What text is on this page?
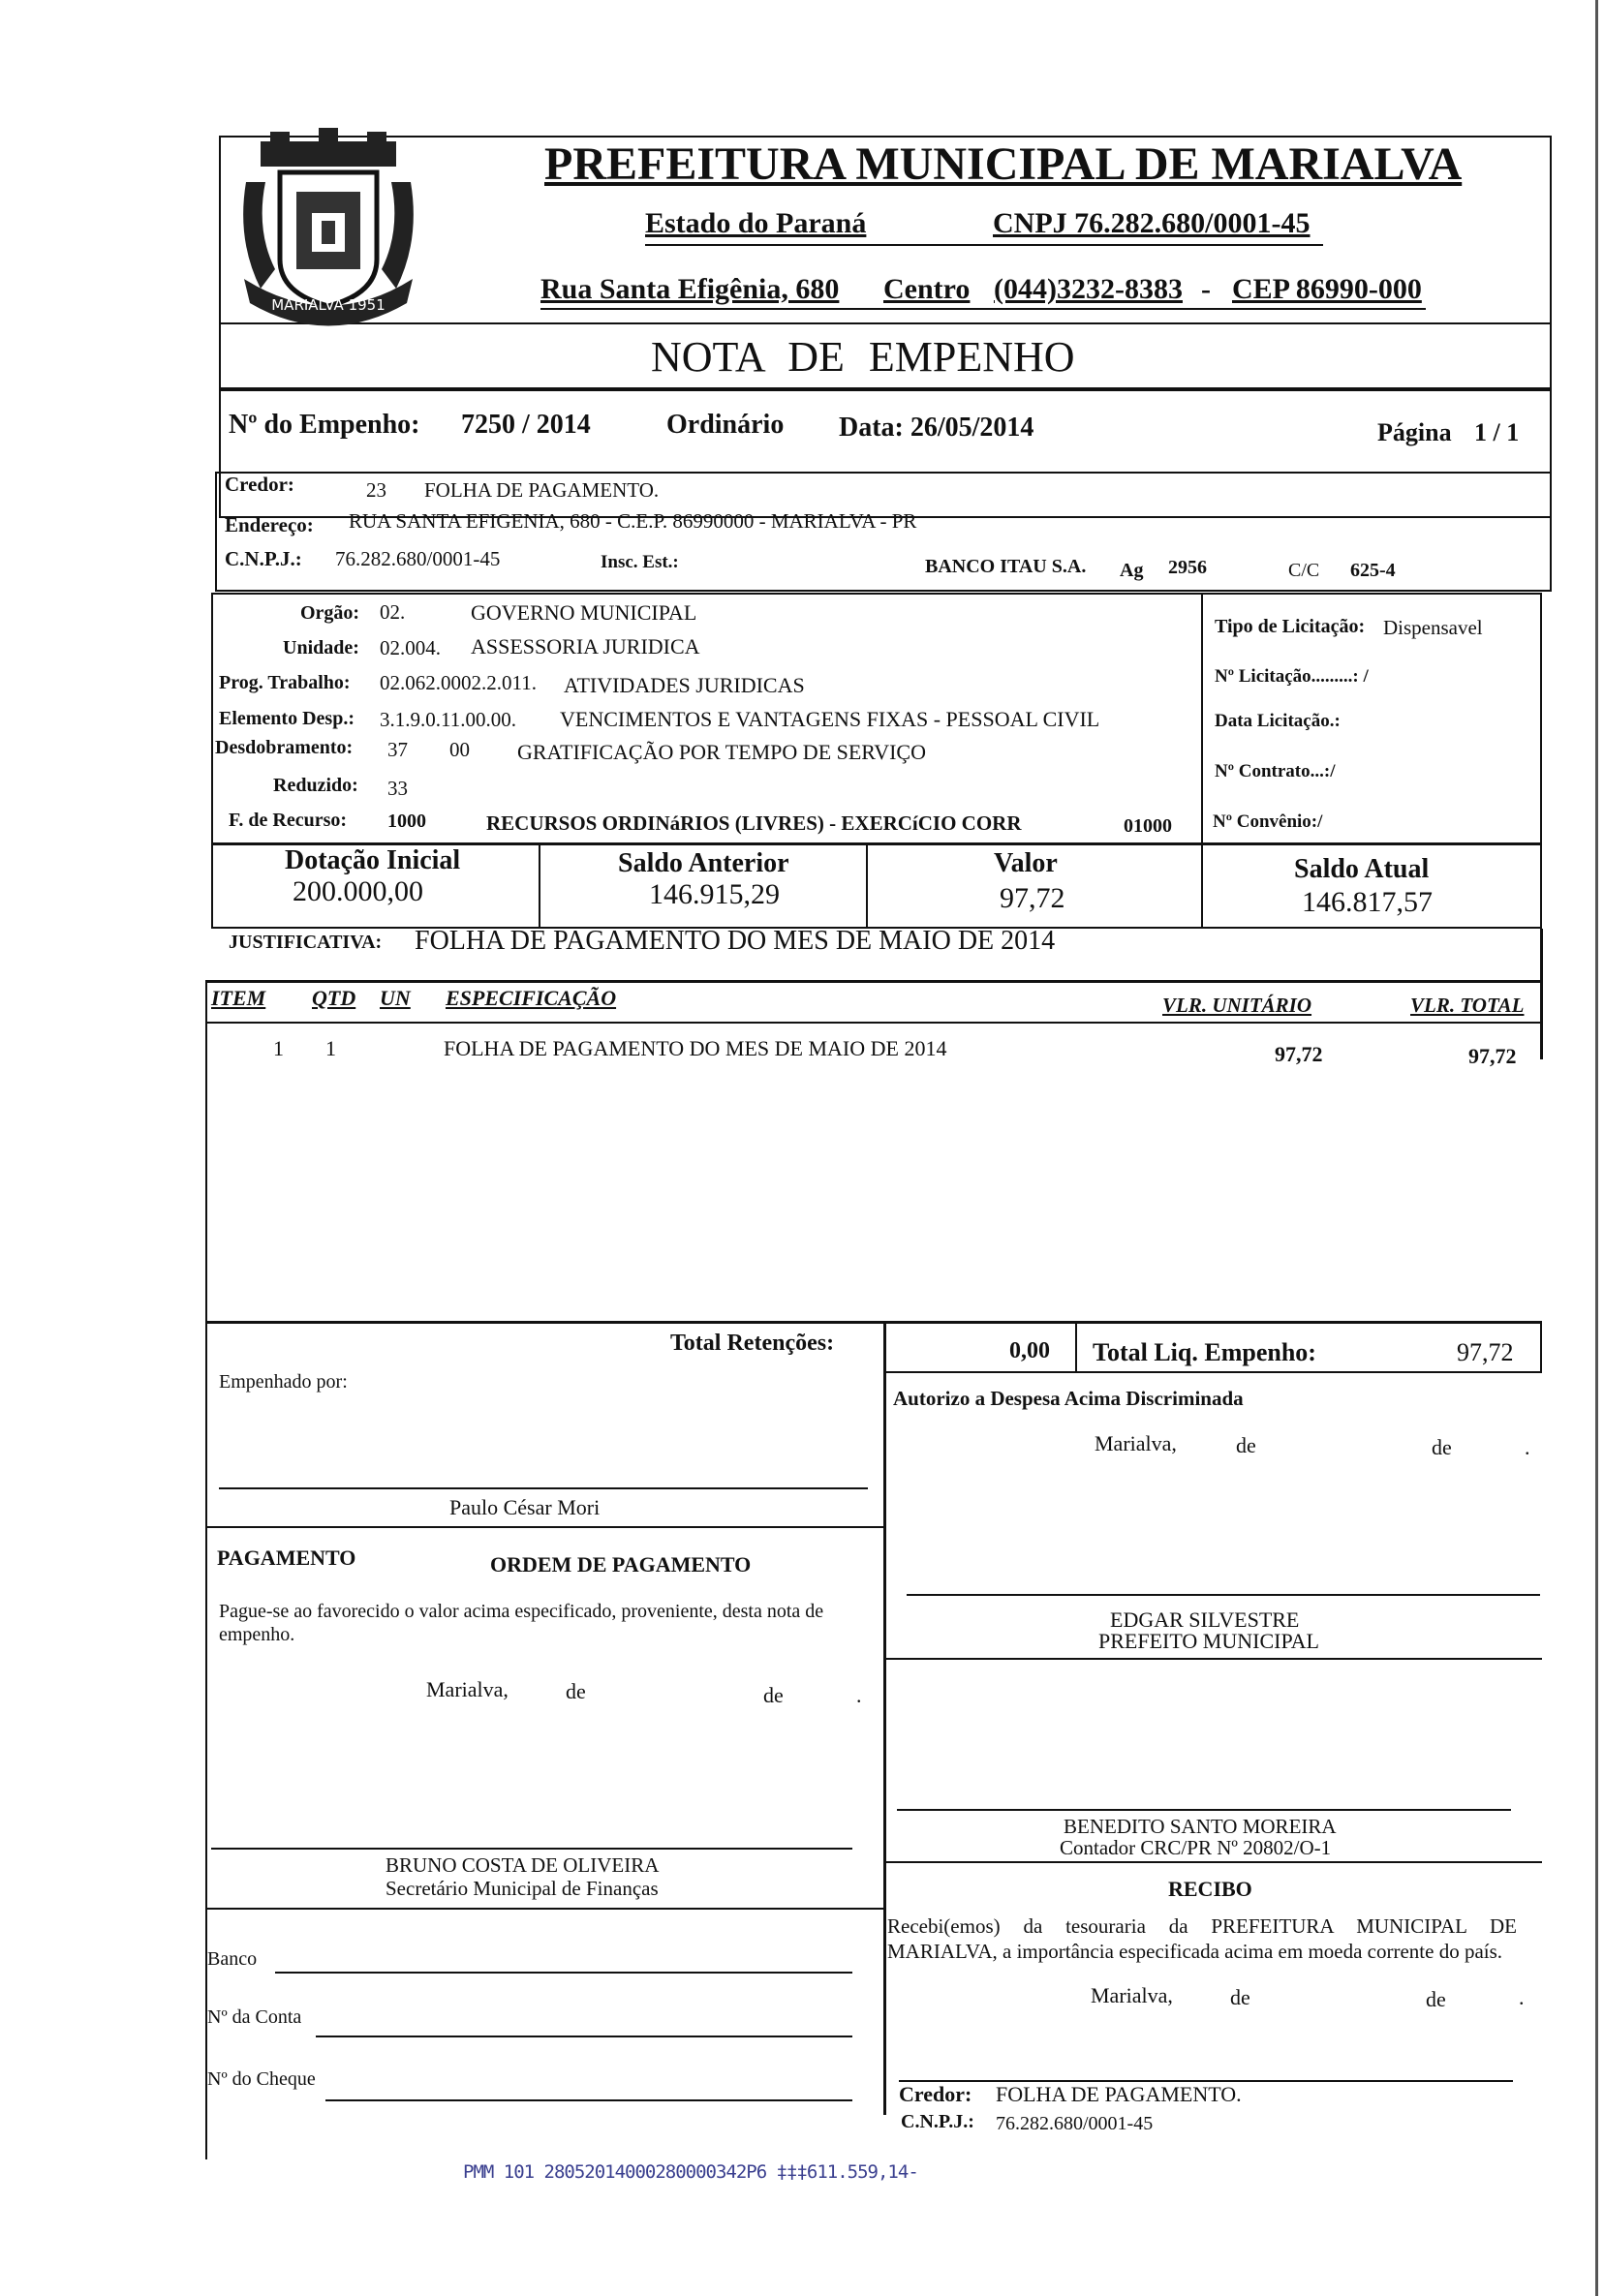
MARIALVA 1951
PREFEITURA MUNICIPAL DE MARIALVA
Estado do Paraná	CNPJ 76.282.680/0001-45
Rua Santa Efigênia, 680 Centro (044)3232-8383 - CEP 86990-000
NOTA DE EMPENHO
Nº do Empenho: 7250 / 2014	Ordinário Data: 26/05/2014	Página 1 / 1
Credor:	23 FOLHA DE PAGAMENTO.
Endereço: RUA SANTA EFIGENIA, 680 - C.E.P. 86990000 - MARIALVA - PR
C.N.P.J.: 76.282.680/0001-45	Insc. Est.:	BANCO ITAU S.A. Ag 2956	C/C 625-4
Orgão: 02.	GOVERNO MUNICIPAL
Unidade: 02.004. ASSESSORIA JURIDICA
Prog. Trabalho: 02.062.0002.2.011. ATIVIDADES JURIDICAS
Elemento Desp.: 3.1.9.0.11.00.00. VENCIMENTOS E VANTAGENS FIXAS - PESSOAL CIVIL
Desdobramento: 37 00 GRATIFICAÇÃO POR TEMPO DE SERVIÇO
Reduzido: 33
F. de Recurso: 1000	RECURSOS ORDINáRIOS (LIVRES) - EXERCíCIO CORR	01000
Tipo de Licitação: Dispensavel
Nº Licitação.........: /
Data Licitação.:
Nº Contrato...:/
Nº Convênio:/
Dotação Inicial
200.000,00
Saldo Anterior
146.915,29
Valor
97,72
Saldo Atual
146.817,57
JUSTIFICATIVA: FOLHA DE PAGAMENTO DO MES DE MAIO DE 2014
ITEM QTD UN ESPECIFICAÇÃO	VLR. UNITÁRIO	VLR. TOTAL
1 1	FOLHA DE PAGAMENTO DO MES DE MAIO DE 2014	97,72	97,72
Total Retenções:	0,00 Total Liq. Empenho:	97,72
Empenhado por:
Paulo César Mori
PAGAMENTO	ORDEM DE PAGAMENTO
Pague-se ao favorecido o valor acima especificado, proveniente, desta nota de empenho.
Marialva,	de	de	.
BRUNO COSTA DE OLIVEIRA
Secretário Municipal de Finanças
Banco
Nº da Conta
Nº do Cheque
Autorizo a Despesa Acima Discriminada
Marialva,	de	de	.
EDGAR SILVESTRE
PREFEITO MUNICIPAL
BENEDITO SANTO MOREIRA
Contador CRC/PR Nº 20802/O-1
RECIBO
Recebi(emos) da tesouraria da PREFEITURA MUNICIPAL DE MARIALVA, a importância especificada acima em moeda corrente do país.
Marialva,	de	de	.
Credor: FOLHA DE PAGAMENTO.
C.N.P.J.: 76.282.680/0001-45
PMM 101 28052014000280000342P6 ‡‡‡611.559,14-
